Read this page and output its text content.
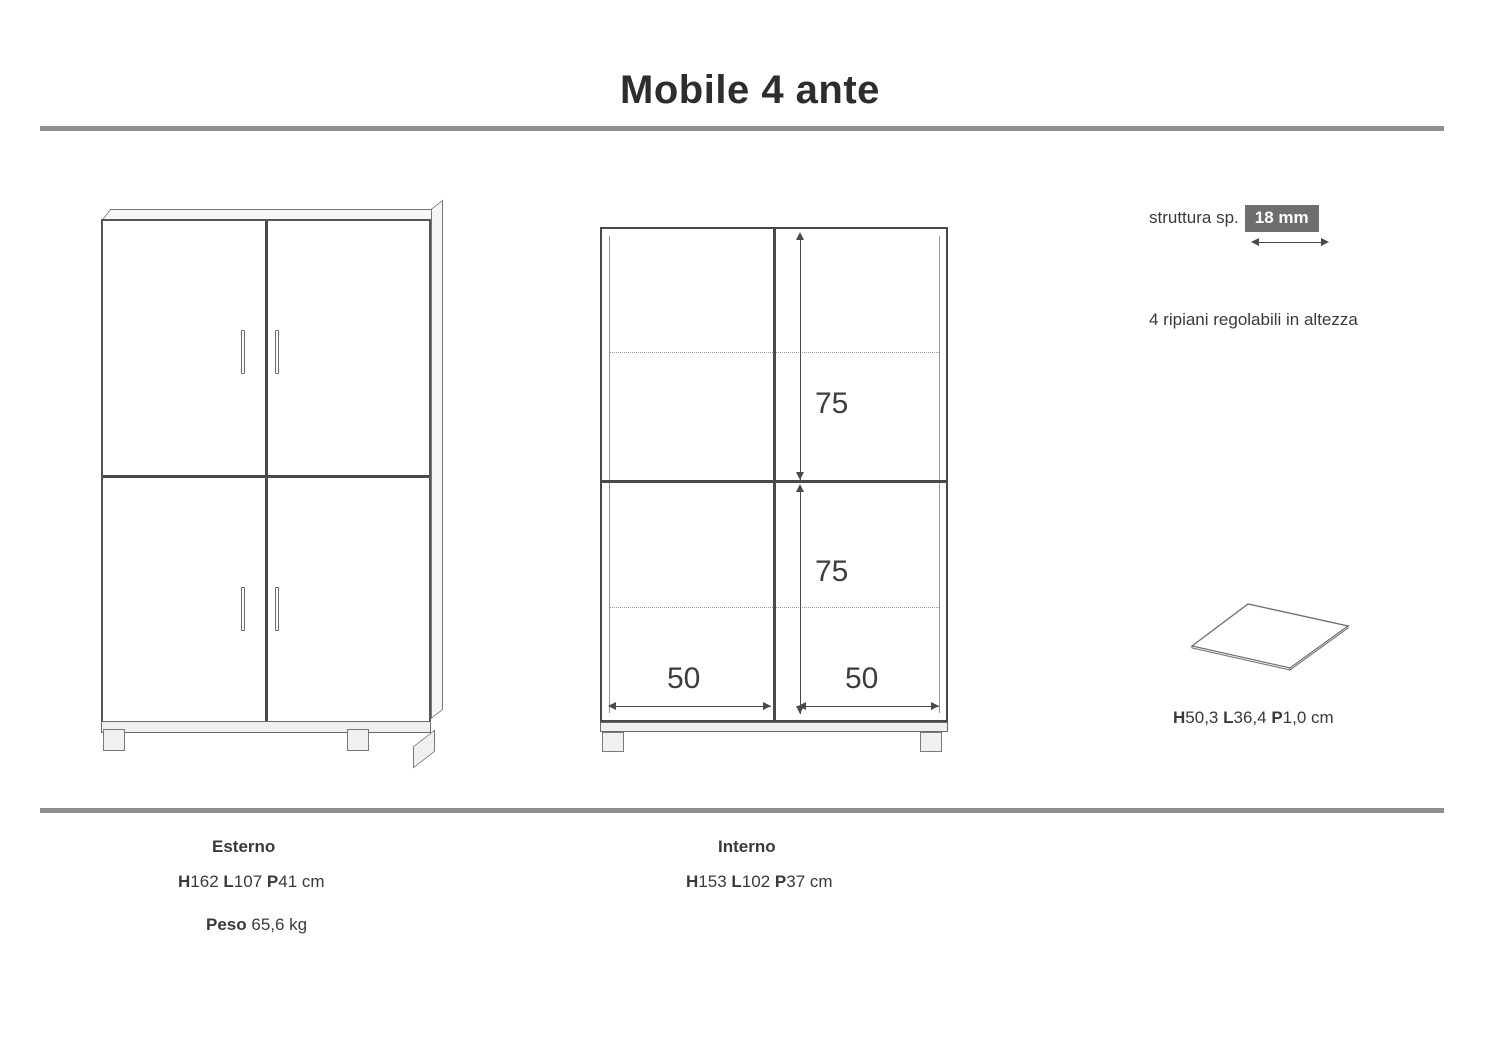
Mobile 4 ante
75
75
50	50
struttura sp. 18 mm
4 ripiani regolabili in altezza
H50,3 L36,4 P1,0 cm
Esterno
H162 L107 P41 cm
Peso 65,6 kg
Interno
H153 L102 P37 cm
